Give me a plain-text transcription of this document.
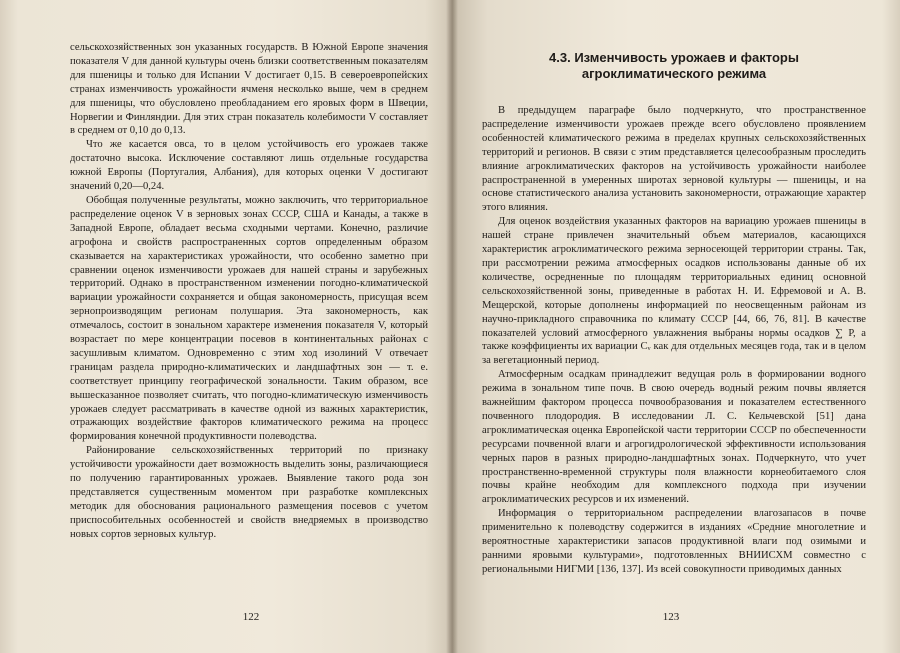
сельскохозяйственных зон указанных государств. В Южной Европе значения показателя V для данной культуры очень близки соответственным показателям для пшеницы и только для Испании V достигает 0,15. В североевропейских странах изменчивость урожайности ячменя несколько выше, чем в среднем для пшеницы, что обусловлено преобладанием его яровых форм в Швеции, Норвегии и Финляндии. Для этих стран показатель колебимости V составляет в среднем от 0,10 до 0,13.

Что же касается овса, то в целом устойчивость его урожаев также достаточно высока. Исключение составляют лишь отдельные государства южной Европы (Португалия, Албания), для которых оценки V достигают значений 0,20—0,24.

Обобщая полученные результаты, можно заключить, что территориальное распределение оценок V в зерновых зонах СССР, США и Канады, а также в Западной Европе, обладает весьма сходными чертами. Конечно, различие агрофона и свойств распространенных сортов определенным образом сказывается на характеристиках урожайности, что особенно заметно при сравнении оценок изменчивости урожаев для нашей страны и зарубежных территорий. Однако в пространственном изменении погодно-климатической вариации урожайности сохраняется и общая закономерность, присущая всем зернопроизводящим регионам полушария. Эта закономерность, как отмечалось, состоит в зональном характере изменения показателя V, который возрастает по мере концентрации посевов в континентальных районах с засушливым климатом. Одновременно с этим ход изолиний V отвечает границам раздела природно-климатических и ландшафтных зон — т. е. соответствует принципу географической зональности. Таким образом, все вышесказанное позволяет считать, что погодно-климатическую изменчивость урожаев следует рассматривать в качестве одной из важных характеристик, отражающих воздействие факторов климатического режима на процесс формирования конечной продуктивности полеводства.

Районирование сельскохозяйственных территорий по признаку устойчивости урожайности дает возможность выделить зоны, различающиеся по получению гарантированных урожаев. Выявление такого рода зон представляется существенным моментом при разработке комплексных методик для обоснования рационального размещения посевов с учетом приспособительных особенностей и свойств внедряемых в производство новых сортов зерновых культур.

122
4.3. Изменчивость урожаев и факторы
агроклиматического режима

В предыдущем параграфе было подчеркнуто, что пространственное распределение изменчивости урожаев прежде всего обусловлено проявлением особенностей климатического режима в пределах крупных сельскохозяйственных территорий и регионов. В связи с этим представляется целесообразным проследить влияние агроклиматических факторов на устойчивость урожайности наиболее распространенной в умеренных широтах зерновой культуры — пшеницы, и на основе статистического анализа установить закономерности, отражающие характер этого влияния.

Для оценок воздействия указанных факторов на вариацию урожаев пшеницы в нашей стране привлечен значительный объем материалов, касающихся характеристик агроклиматического режима зерносеющей территории страны. Так, при рассмотрении режима атмосферных осадков использованы данные об их количестве, осредненные по площадям территориальных единиц основной сельскохозяйственной зоны, приведенные в работах Н. И. Ефремовой и А. В. Мещерской, которые дополнены информацией по неосвещенным районам из научно-прикладного справочника по климату СССР [44, 66, 76, 81]. В качестве показателей условий атмосферного увлажнения выбраны нормы осадков ∑ P, а также коэффициенты их вариации Cᵥ как для отдельных месяцев года, так и в целом за вегетационный период.

Атмосферным осадкам принадлежит ведущая роль в формировании водного режима в зональном типе почв. В свою очередь водный режим почвы является важнейшим фактором процесса почвообразования и показателем естественного почвенного плодородия. В исследовании Л. С. Кельчевской [51] дана агроклиматическая оценка Европейской части территории СССР по обеспеченности ресурсами почвенной влаги и агрогидрологической эффективности использования черных паров в разных природно-ландшафтных зонах. Подчеркнуто, что учет пространственно-временной структуры поля влажности корнеобитаемого слоя почвы крайне необходим для комплексного подхода при изучении агроклиматических ресурсов и их изменений.

Информация о территориальном распределении влагозапасов в почве применительно к полеводству содержится в изданиях «Средние многолетние и вероятностные характеристики запасов продуктивной влаги под озимыми и ранними яровыми культурами», подготовленных ВНИИСХМ совместно с региональными НИГМИ [136, 137]. Из всей совокупности приводимых данных

123
